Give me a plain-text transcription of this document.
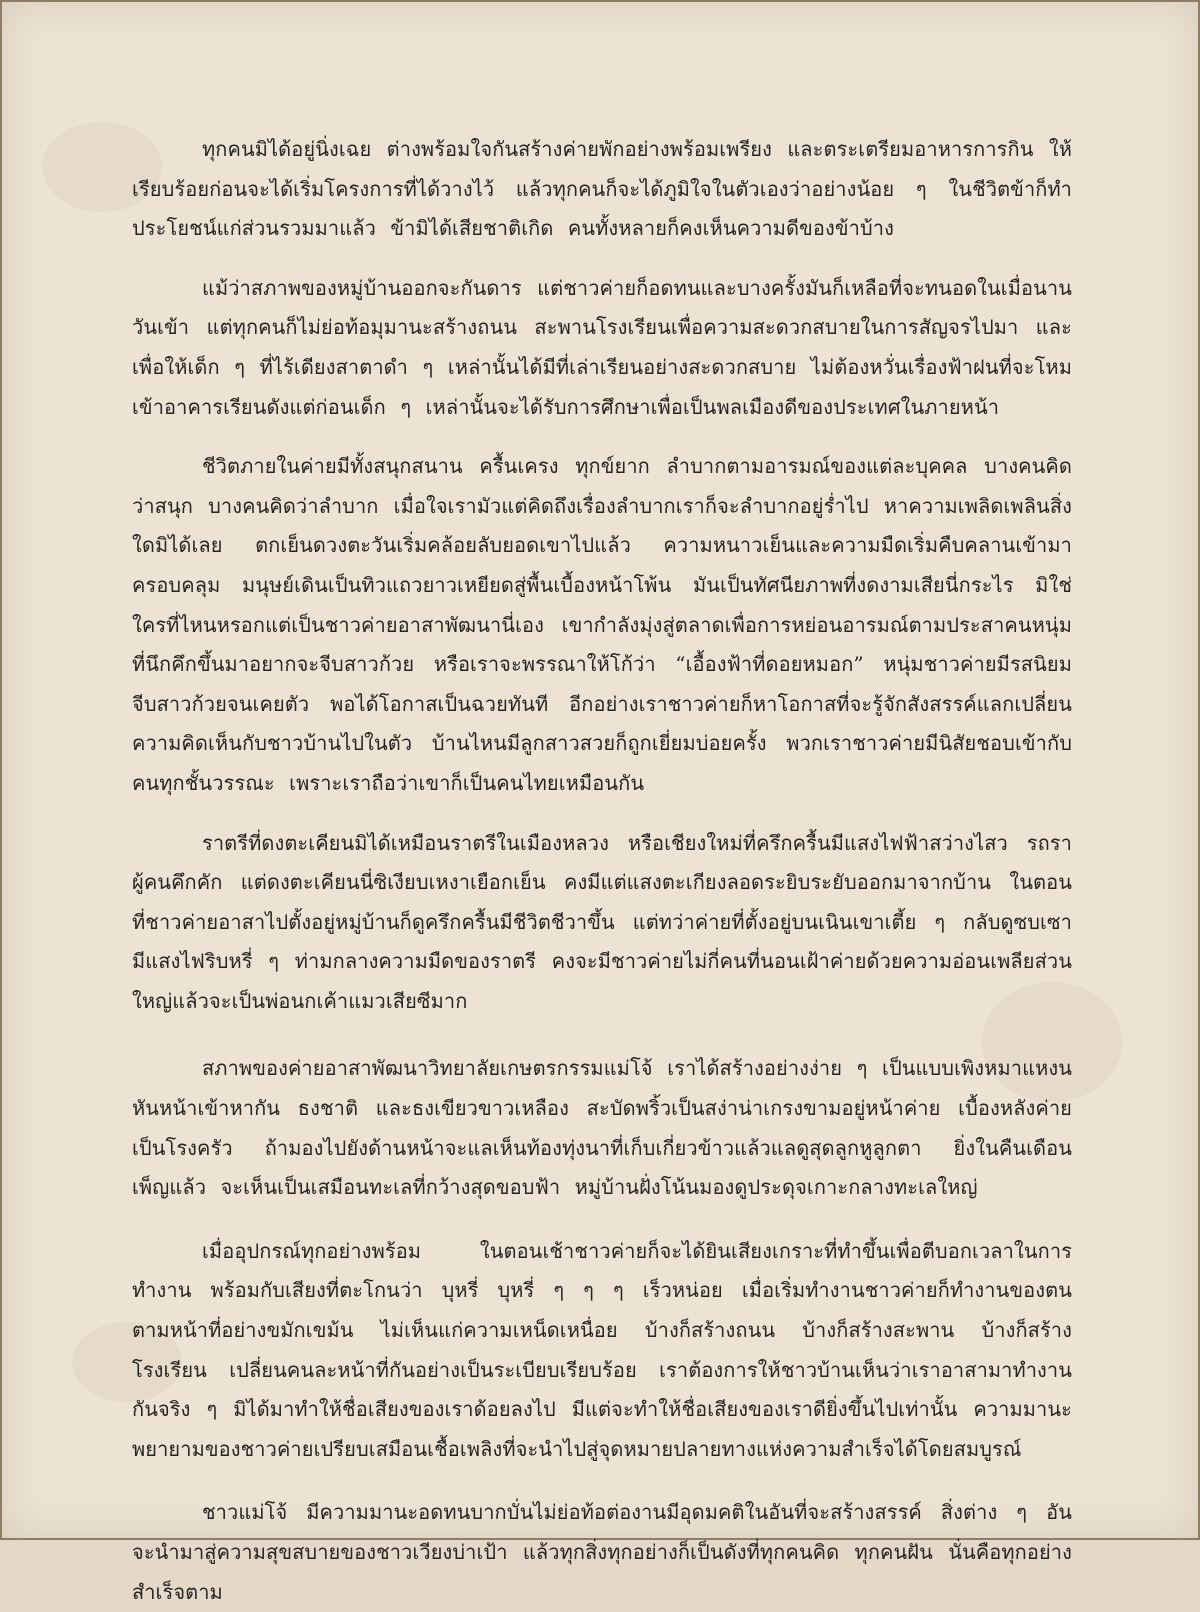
ทุกคนมิได้อยู่นิ่งเฉย ต่างพร้อมใจกันสร้างค่ายพักอย่างพร้อมเพรียง และตระเตรียมอาหารการกิน ให้เรียบร้อยก่อนจะได้เริ่มโครงการที่ได้วางไว้ แล้วทุกคนก็จะได้ภูมิใจในตัวเองว่าอย่างน้อย ๆ ในชีวิตข้าก็ทำประโยชน์แก่ส่วนรวมมาแล้ว ข้ามิได้เสียชาติเกิด คนทั้งหลายก็คงเห็นความดีของข้าบ้าง

แม้ว่าสภาพของหมู่บ้านออกจะกันดาร แต่ชาวค่ายก็อดทนและบางครั้งมันก็เหลือที่จะทนอดในเมื่อนานวันเข้า แต่ทุกคนก็ไม่ย่อท้อมุมานะสร้างถนน สะพานโรงเรียนเพื่อความสะดวกสบายในการสัญจรไปมา และเพื่อให้เด็ก ๆ ที่ไร้เดียงสาตาดำ ๆ เหล่านั้นได้มีที่เล่าเรียนอย่างสะดวกสบาย ไม่ต้องหวั่นเรื่องฟ้าฝนที่จะโหมเข้าอาคารเรียนดังแต่ก่อนเด็ก ๆ เหล่านั้นจะได้รับการศึกษาเพื่อเป็นพลเมืองดีของประเทศในภายหน้า

ชีวิตภายในค่ายมีทั้งสนุกสนาน ครื้นเครง ทุกข์ยาก ลำบากตามอารมณ์ของแต่ละบุคคล บางคนคิดว่าสนุก บางคนคิดว่าลำบาก เมื่อใจเรามัวแต่คิดถึงเรื่องลำบากเราก็จะลำบากอยู่ร่ำไป หาความเพลิดเพลินสิ่งใดมิได้เลย ตกเย็นดวงตะวันเริ่มคล้อยลับยอดเขาไปแล้ว ความหนาวเย็นและความมืดเริ่มคืบคลานเข้ามาครอบคลุม มนุษย์เดินเป็นทิวแถวยาวเหยียดสู่พื้นเบื้องหน้าโพ้น มันเป็นทัศนียภาพที่งดงามเสียนี่กระไร มิใช่ใครที่ไหนหรอกแต่เป็นชาวค่ายอาสาพัฒนานี่เอง เขากำลังมุ่งสู่ตลาดเพื่อการหย่อนอารมณ์ตามประสาคนหนุ่มที่นึกคึกขึ้นมาอยากจะจีบสาวก้วย หรือเราจะพรรณาให้โก้ว่า “เอื้องฟ้าที่ดอยหมอก” หนุ่มชาวค่ายมีรสนิยมจีบสาวก้วยจนเคยตัว พอได้โอกาสเป็นฉวยทันที อีกอย่างเราชาวค่ายก็หาโอกาสที่จะรู้จักสังสรรค์แลกเปลี่ยนความคิดเห็นกับชาวบ้านไปในตัว บ้านไหนมีลูกสาวสวยก็ถูกเยี่ยมบ่อยครั้ง พวกเราชาวค่ายมีนิสัยชอบเข้ากับคนทุกชั้นวรรณะ เพราะเราถือว่าเขาก็เป็นคนไทยเหมือนกัน

ราตรีที่ดงตะเคียนมิได้เหมือนราตรีในเมืองหลวง หรือเชียงใหม่ที่ครึกครื้นมีแสงไฟฟ้าสว่างไสว รถราผู้คนคึกคัก แต่ดงตะเคียนนี่ซิเงียบเหงาเยือกเย็น คงมีแต่แสงตะเกียงลอดระยิบระยับออกมาจากบ้าน ในตอนที่ชาวค่ายอาสาไปตั้งอยู่หมู่บ้านก็ดูครึกครื้นมีชีวิตชีวาขึ้น แต่ทว่าค่ายที่ตั้งอยู่บนเนินเขาเตี้ย ๆ กลับดูซบเซา มีแสงไฟริบหรี่ ๆ ท่ามกลางความมืดของราตรี คงจะมีชาวค่ายไม่กี่คนที่นอนเฝ้าค่ายด้วยความอ่อนเพลียส่วนใหญ่แล้วจะเป็นพ่อนกเค้าแมวเสียซีมาก

สภาพของค่ายอาสาพัฒนาวิทยาลัยเกษตรกรรมแม่โจ้ เราได้สร้างอย่างง่าย ๆ เป็นแบบเพิงหมาแหงนหันหน้าเข้าหากัน ธงชาติ และธงเขียวขาวเหลือง สะบัดพริ้วเป็นสง่าน่าเกรงขามอยู่หน้าค่าย เบื้องหลังค่ายเป็นโรงครัว ถ้ามองไปยังด้านหน้าจะแลเห็นท้องทุ่งนาที่เก็บเกี่ยวข้าวแล้วแลดูสุดลูกหูลูกตา ยิ่งในคืนเดือนเพ็ญแล้ว จะเห็นเป็นเสมือนทะเลที่กว้างสุดขอบฟ้า หมู่บ้านฝั่งโน้นมองดูประดุจเกาะกลางทะเลใหญ่

เมื่ออุปกรณ์ทุกอย่างพร้อม ในตอนเช้าชาวค่ายก็จะได้ยินเสียงเกราะที่ทำขึ้นเพื่อตีบอกเวลาในการทำงาน พร้อมกับเสียงที่ตะโกนว่า บุหรี่ บุหรี่ ๆ ๆ ๆ เร็วหน่อย เมื่อเริ่มทำงานชาวค่ายก็ทำงานของตนตามหน้าที่อย่างขมักเขม้น ไม่เห็นแก่ความเหน็ดเหนื่อย บ้างก็สร้างถนน บ้างก็สร้างสะพาน บ้างก็สร้างโรงเรียน เปลี่ยนคนละหน้าที่กันอย่างเป็นระเบียบเรียบร้อย เราต้องการให้ชาวบ้านเห็นว่าเราอาสามาทำงานกันจริง ๆ มิได้มาทำให้ชื่อเสียงของเราด้อยลงไป มีแต่จะทำให้ชื่อเสียงของเราดียิ่งขึ้นไปเท่านั้น ความมานะพยายามของชาวค่ายเปรียบเสมือนเชื้อเพลิงที่จะนำไปสู่จุดหมายปลายทางแห่งความสำเร็จได้โดยสมบูรณ์

ชาวแม่โจ้ มีความมานะอดทนบากบั่นไม่ย่อท้อต่องานมีอุดมคติในอันที่จะสร้างสรรค์ สิ่งต่าง ๆ อันจะนำมาสู่ความสุขสบายของชาวเวียงบ่าเป้า แล้วทุกสิ่งทุกอย่างก็เป็นดังที่ทุกคนคิด ทุกคนฝัน นั่นคือทุกอย่างสำเร็จตาม
